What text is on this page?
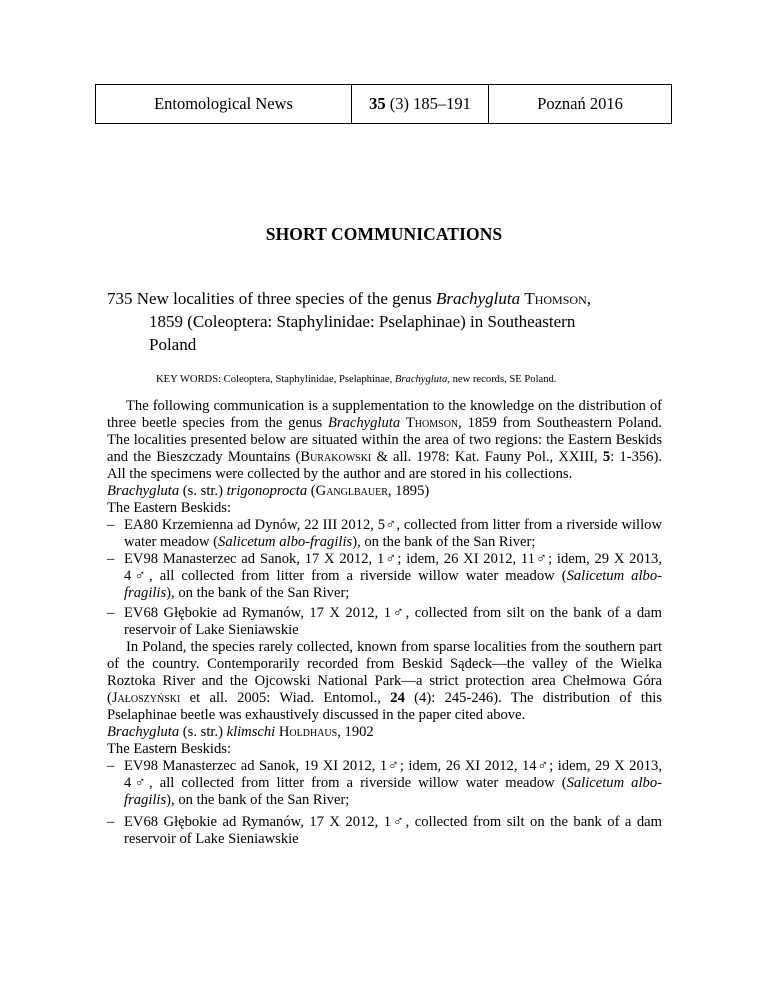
Entomological News	35 (3) 185–191	Poznań 2016
SHORT COMMUNICATIONS
735 New localities of three species of the genus Brachygluta Thomson,
1859 (Coleoptera: Staphylinidae: Pselaphinae) in Southeastern
Poland
KEY WORDS: Coleoptera, Staphylinidae, Pselaphinae, Brachygluta, new records, SE Poland.

The following communication is a supplementation to the knowledge on the distribution of three beetle species from the genus Brachygluta Thomson, 1859 from Southeastern Poland. The localities presented below are situated within the area of two regions: the Eastern Beskids and the Bieszczady Mountains (Burakowski & all. 1978: Kat. Fauny Pol., XXIII, 5: 1-356). All the specimens were collected by the author and are stored in his collections.

Brachygluta (s. str.) trigonoprocta (Ganglbauer, 1895)

The Eastern Beskids:

– EA80 Krzemienna ad Dynów, 22 III 2012, 5♂, collected from litter from a riverside willow water meadow (Salicetum albo-fragilis), on the bank of the San River;
– EV98 Manasterzec ad Sanok, 17 X 2012, 1♂; idem, 26 XI 2012, 11♂; idem, 29 X 2013, 4♂, all collected from litter from a riverside willow water meadow (Salicetum albo-fragilis), on the bank of the San River;
– EV68 Głębokie ad Rymanów, 17 X 2012, 1♂, collected from silt on the bank of a dam reservoir of Lake Sieniawskie

In Poland, the species rarely collected, known from sparse localities from the southern part of the country. Contemporarily recorded from Beskid Sądeck—the valley of the Wielka Roztoka River and the Ojcowski National Park—a strict protection area Chełmowa Góra (Jałoszyński et all. 2005: Wiad. Entomol., 24 (4): 245-246). The distribution of this Pselaphinae beetle was exhaustively discussed in the paper cited above.

Brachygluta (s. str.) klimschi Holdhaus, 1902

The Eastern Beskids:

– EV98 Manasterzec ad Sanok, 19 XI 2012, 1♂; idem, 26 XI 2012, 14♂; idem, 29 X 2013, 4♂, all collected from litter from a riverside willow water meadow (Salicetum albo-fragilis), on the bank of the San River;
– EV68 Głębokie ad Rymanów, 17 X 2012, 1♂, collected from silt on the bank of a dam reservoir of Lake Sieniawskie
